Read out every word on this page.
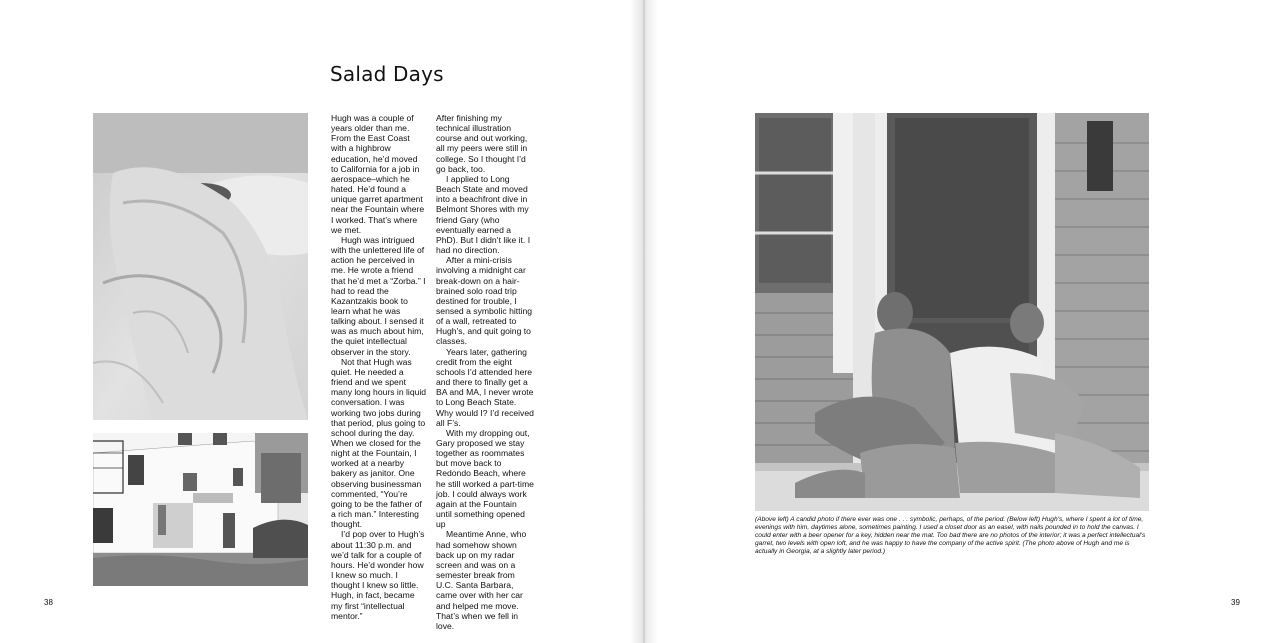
Salad Days

Hugh was a couple of years older than me. From the East Coast with a highbrow education, he’d moved to California for a job in aerospace–which he hated. He’d found a unique garret apartment near the Fountain where I worked. That’s where we met.

Hugh was intrigued with the unlettered life of action he perceived in me. He wrote a friend that he’d met a “Zorba.” I had to read the Kazantzakis book to learn what he was talking about. I sensed it was as much about him, the quiet intellectual observer in the story.

Not that Hugh was quiet. He needed a friend and we spent many long hours in liquid conversation. I was working two jobs during that period, plus going to school during the day. When we closed for the night at the Fountain, I worked at a nearby bakery as janitor. One observing businessman commented, “You’re going to be the father of a rich man.” Interesting thought.

I’d pop over to Hugh’s about 11:30 p.m. and we’d talk for a couple of hours. He’d wonder how I knew so much. I thought I knew so little. Hugh, in fact, became my first “intellectual mentor.”

After finishing my technical illustration course and out working, all my peers were still in college. So I thought I’d go back, too.

I applied to Long Beach State and moved into a beachfront dive in Belmont Shores with my friend Gary (who eventually earned a PhD). But I didn’t like it. I had no direction.

After a mini-crisis involving a midnight car break-down on a hair-brained solo road trip destined for trouble, I sensed a symbolic hitting of a wall, retreated to Hugh’s, and quit going to classes.

Years later, gathering credit from the eight schools I’d attended here and there to finally get a BA and MA, I never wrote to Long Beach State. Why would I? I’d received all F’s.

With my dropping out, Gary proposed we stay together as roommates but move back to Redondo Beach, where he still worked a part-time job. I could always work again at the Fountain until something opened up

Meantime Anne, who had somehow shown back up on my radar screen and was on a semester break from U.C. Santa Barbara, came over with her car and helped me move. That’s when we fell in love.

38	39

(Above left) A candid photo if there ever was one . . . symbolic, perhaps, of the period. (Below left) Hugh’s, where I spent a lot of time, evenings with him, daytimes alone, sometimes painting. I used a closet door as an easel, with nails pounded in to hold the canvas. I could enter with a beer opener for a key, hidden near the mat. Too bad there are no photos of the interior; it was a perfect intellectual’s garret, two levels with open loft, and he was happy to have the company of the active spirit. (The photo above of Hugh and me is actually in Georgia, at a slightly later period.)
